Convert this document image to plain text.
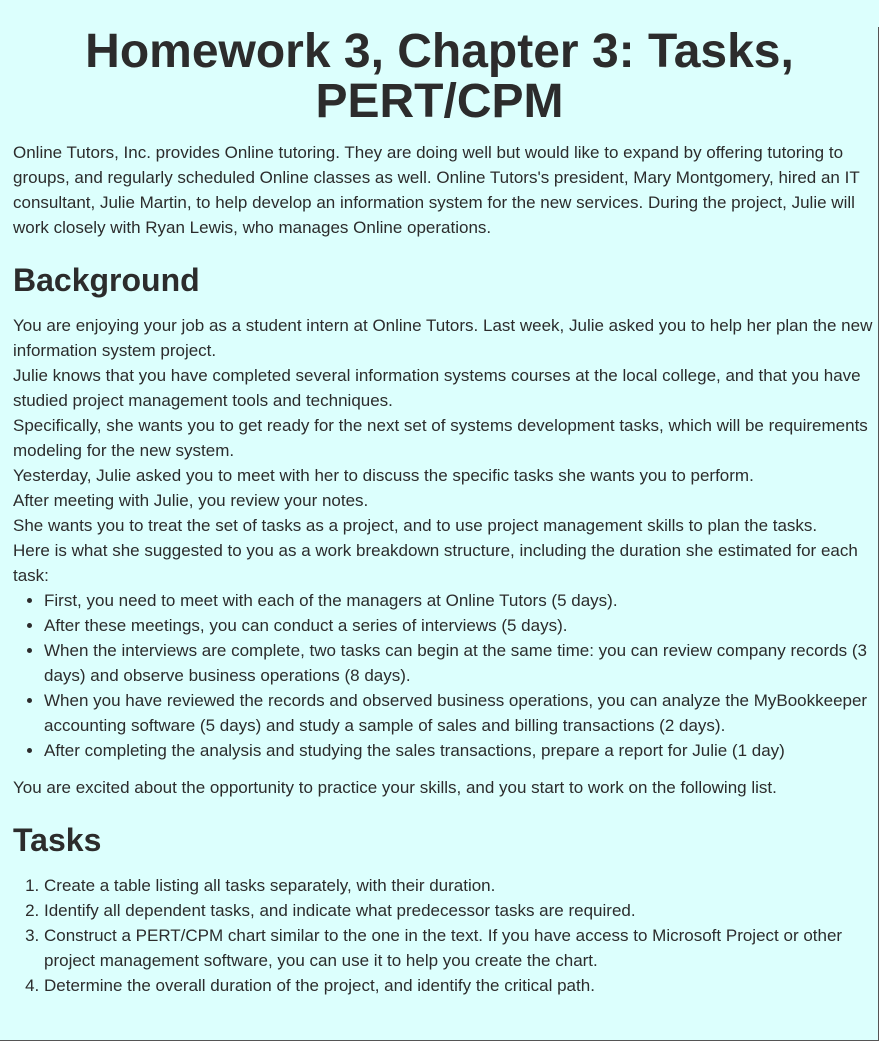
Homework 3, Chapter 3: Tasks, PERT/CPM

Online Tutors, Inc. provides Online tutoring. They are doing well but would like to expand by offering tutoring to groups, and regularly scheduled Online classes as well. Online Tutors's president, Mary Montgomery, hired an IT consultant, Julie Martin, to help develop an information system for the new services. During the project, Julie will work closely with Ryan Lewis, who manages Online operations.

Background

You are enjoying your job as a student intern at Online Tutors. Last week, Julie asked you to help her plan the new information system project.

Julie knows that you have completed several information systems courses at the local college, and that you have studied project management tools and techniques.

Specifically, she wants you to get ready for the next set of systems development tasks, which will be requirements modeling for the new system.

Yesterday, Julie asked you to meet with her to discuss the specific tasks she wants you to perform.

After meeting with Julie, you review your notes.

She wants you to treat the set of tasks as a project, and to use project management skills to plan the tasks.

Here is what she suggested to you as a work breakdown structure, including the duration she estimated for each task:

• First, you need to meet with each of the managers at Online Tutors (5 days).
• After these meetings, you can conduct a series of interviews (5 days).
• When the interviews are complete, two tasks can begin at the same time: you can review company records (3 days) and observe business operations (8 days).
• When you have reviewed the records and observed business operations, you can analyze the MyBookkeeper accounting software (5 days) and study a sample of sales and billing transactions (2 days).
• After completing the analysis and studying the sales transactions, prepare a report for Julie (1 day)

You are excited about the opportunity to practice your skills, and you start to work on the following list.

Tasks
1. Create a table listing all tasks separately, with their duration.
2. Identify all dependent tasks, and indicate what predecessor tasks are required.
3. Construct a PERT/CPM chart similar to the one in the text. If you have access to Microsoft Project or other project management software, you can use it to help you create the chart.
4. Determine the overall duration of the project, and identify the critical path.
